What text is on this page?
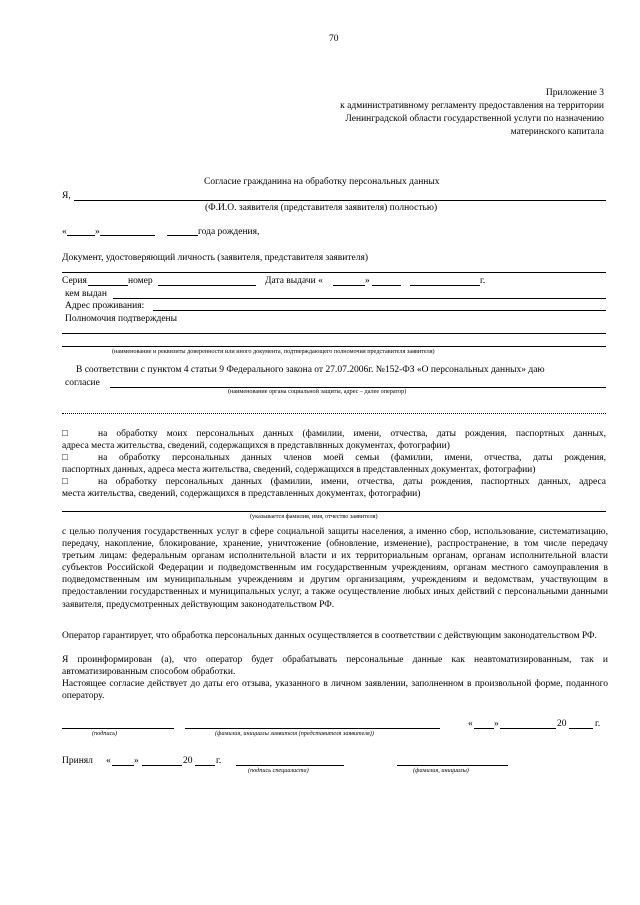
70
Приложение 3
к административному регламенту предоставления на территории
Ленинградской области государственной услуги по назначению
материнского капитала
Согласие гражданина на обработку персональных данных
Я,
(Ф.И.О. заявителя (представителя заявителя) полностью)
«	»	года рождения,
Документ, удостоверяющий личность (заявителя, представителя заявителя)
Серия	номер	Дата выдачи «	»	г.
кем выдан
Адрес проживания:
Полномочия подтверждены
(наименование и реквизиты доверенности или иного документа, подтверждающего полномочия представителя заявителя)
В соответствии с пунктом 4 статьи 9 Федерального закона от 27.07.2006г. №152-ФЗ «О персональных данных» даю
согласие
(наименование органа социальной защиты, адрес – далее оператор)
□	на обработку моих персональных данных (фамилии, имени, отчества, даты рождения, паспортных данных,
адреса места жительства, сведений, содержащихся в представлвнных документах, фотографии)
□	на обработку персональных данных членов моей семьи (фамилии, имени, отчества, даты рождения,
паспортных данных, адреса места жительства, сведений, содержащихся в представленных документах, фотографии)
□	на обработку персональных данных (фамилии, имени, отчества, даты рождения, паспортных данных, адреса
места жительства, сведений, содержащихся в представленных документах, фотографии)
(указывается фамилия, имя, отчество заявителя)
с целью получения государственных услуг в сфере социальной защиты населения, а именно сбор, использование, систематизацию, передачу, накопление, блокирование, хранение, уничтожение (обновление, изменение), распространение, в том числе передачу третьим лицам: федеральным органам исполнительной власти и их территориальным органам, органам исполнительной власти субъектов Российской Федерации и подведомственным им государственным учреждениям, органам местного самоуправления в подведомственным им муниципальным учреждениям и другим организациям, учреждениям и ведомствам, участвующим в предоставлении государственных и муниципальных услуг, а также осуществление любых иных действий с персональными данными заявителя, предусмотренных действующим законодательством РФ.
Оператор гарантирует, что обработка персональных данных осуществляется в соответствии с действующим законодательством РФ.
Я проинформирован (а), что оператор будет обрабатывать персональные данные как неавтоматизированным, так и автоматизированным способом обработки.
Настоящее согласие действует до даты его отзыва, указанного в личном заявлении, заполненном в произвольной форме, поданного оператору.
(подпись)	(фамилия, инициалы заявителя (представителя заявителя))
« »	20	г.
Принял « »	20 г.
(подпись специалиста)	(фамилия, инициалы)
